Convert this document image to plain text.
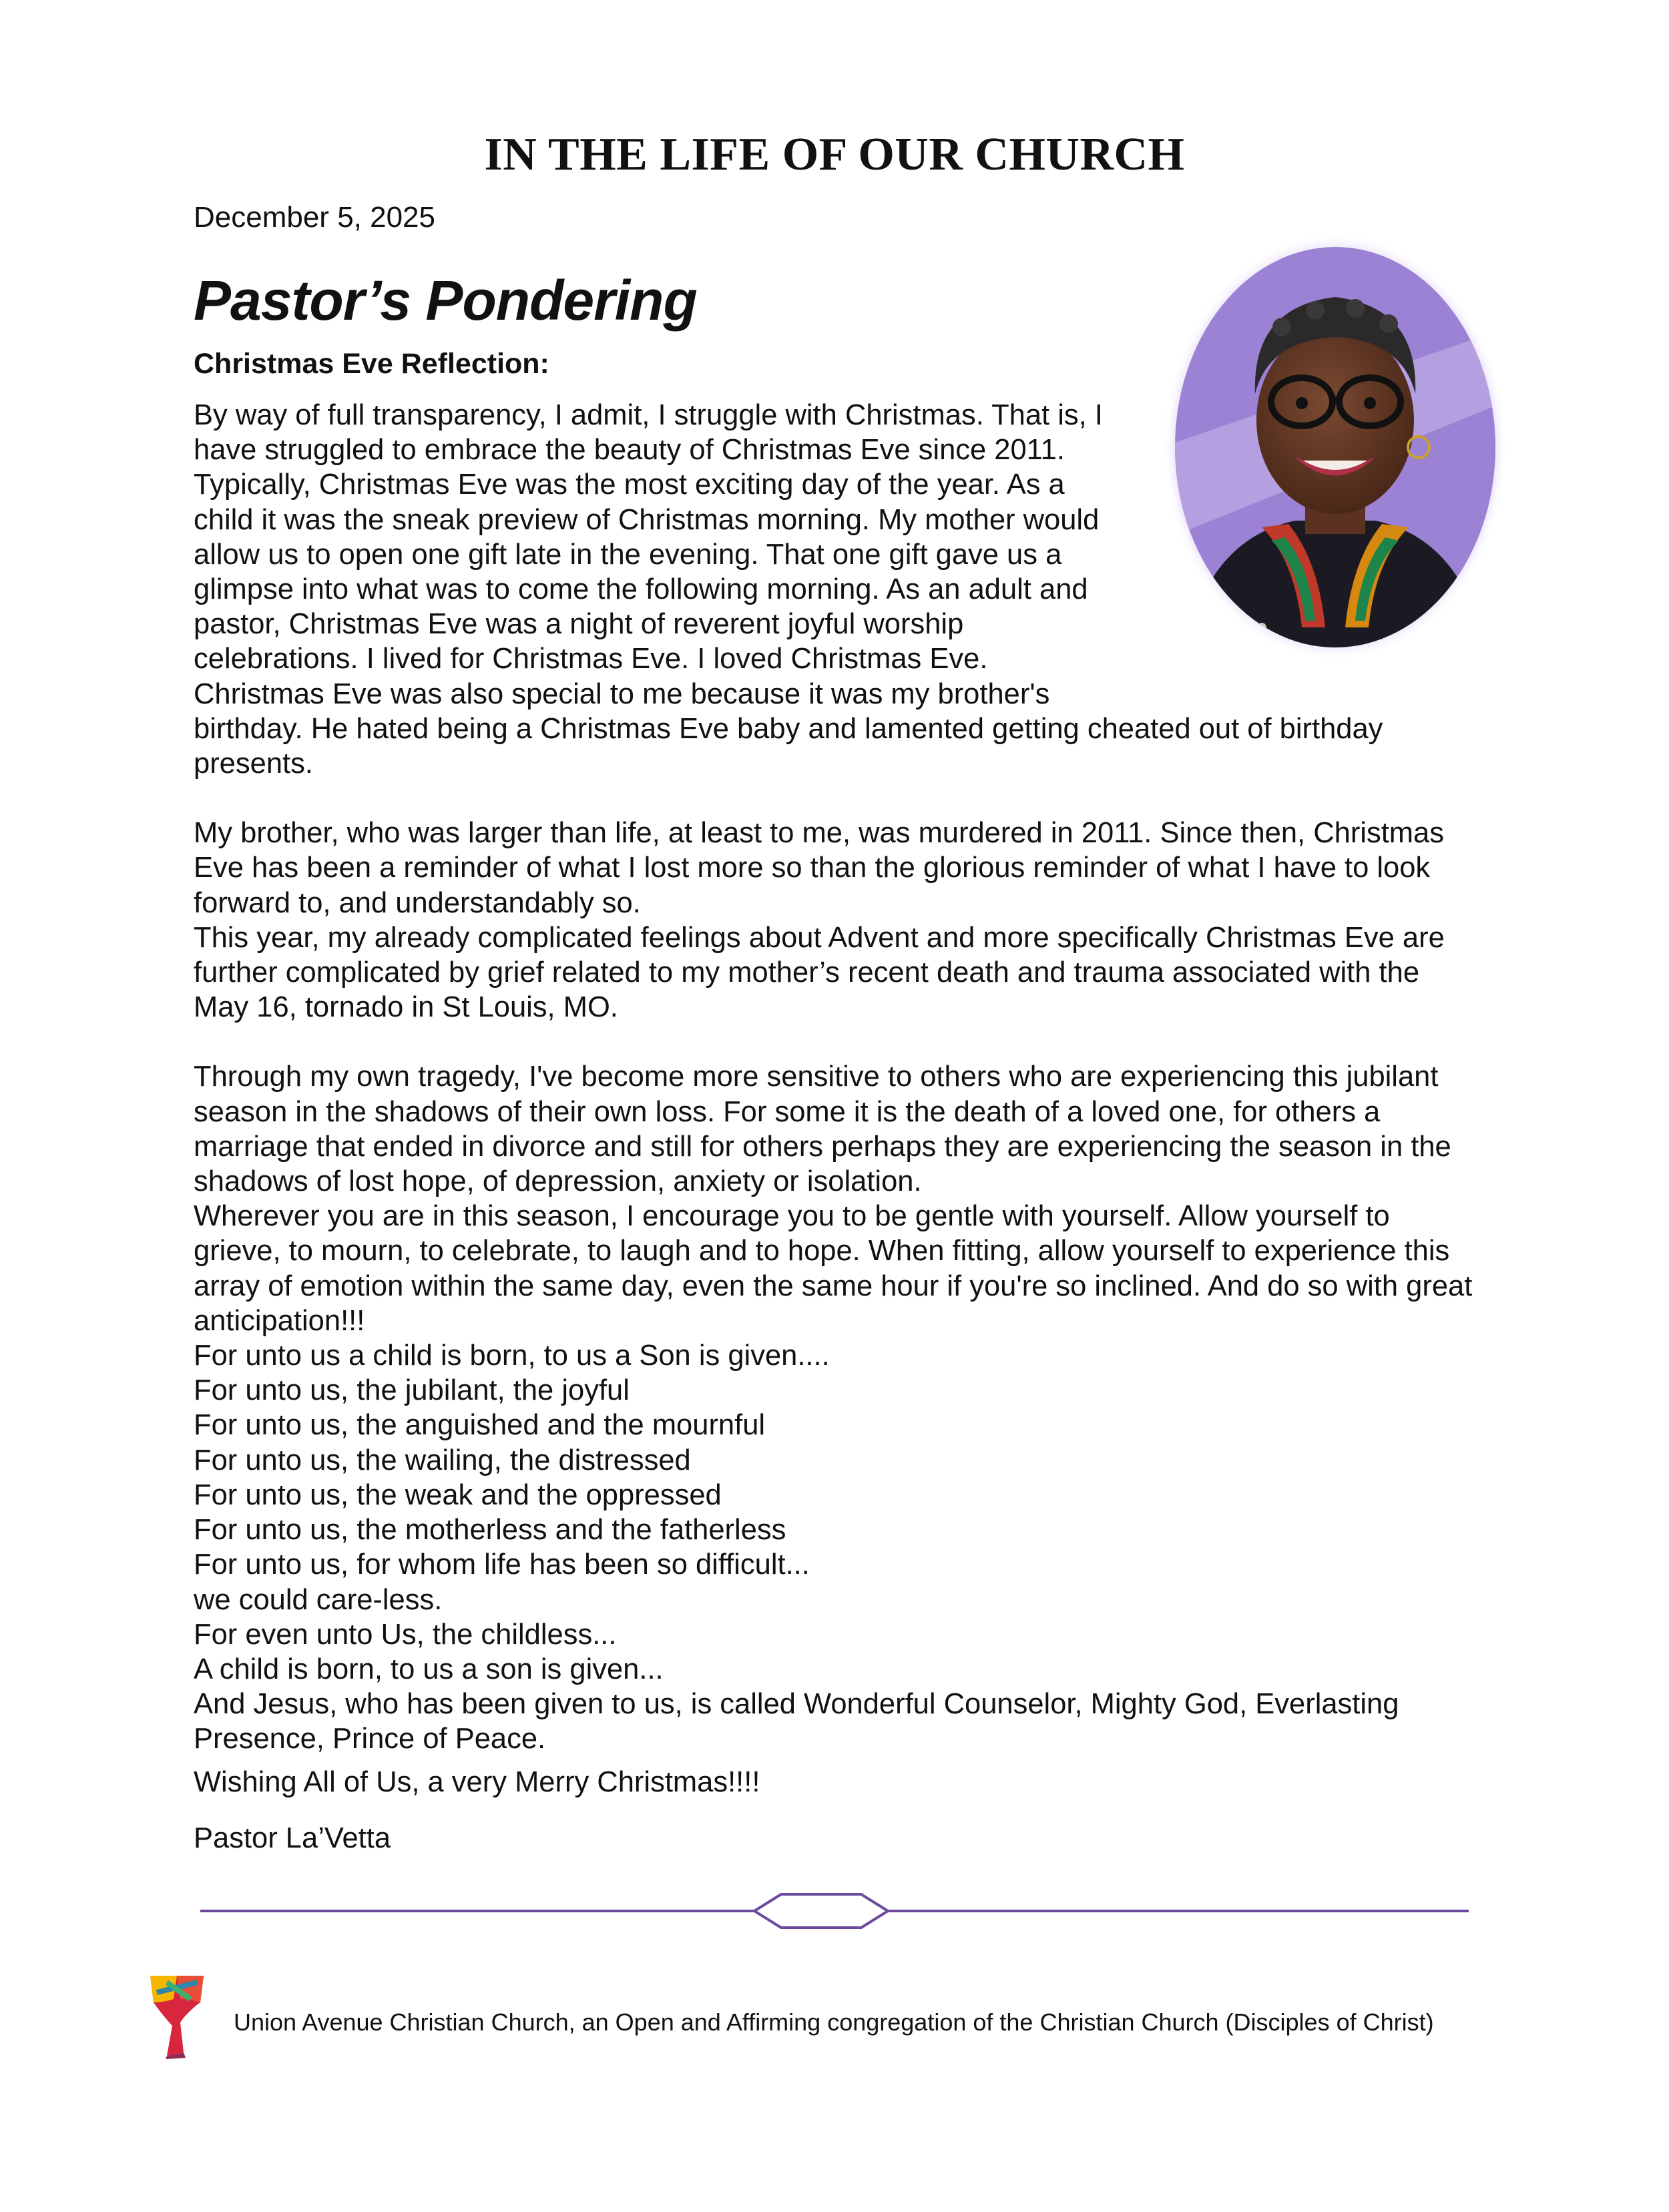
IN THE LIFE OF OUR CHURCH
December 5, 2025
Pastor’s Pondering
Christmas Eve Reflection:

By way of full transparency, I admit, I struggle with Christmas. That is, I
have struggled to embrace the beauty of Christmas Eve since 2011.
Typically, Christmas Eve was the most exciting day of the year. As a
child it was the sneak preview of Christmas morning. My mother would
allow us to open one gift late in the evening. That one gift gave us a
glimpse into what was to come the following morning. As an adult and
pastor, Christmas Eve was a night of reverent joyful worship
celebrations. I lived for Christmas Eve. I loved Christmas Eve.
Christmas Eve was also special to me because it was my brother's
birthday. He hated being a Christmas Eve baby and lamented getting cheated out of birthday
presents.

My brother, who was larger than life, at least to me, was murdered in 2011. Since then, Christmas
Eve has been a reminder of what I lost more so than the glorious reminder of what I have to look
forward to, and understandably so.
This year, my already complicated feelings about Advent and more specifically Christmas Eve are
further complicated by grief related to my mother’s recent death and trauma associated with the
May 16, tornado in St Louis, MO.

Through my own tragedy, I've become more sensitive to others who are experiencing this jubilant
season in the shadows of their own loss. For some it is the death of a loved one, for others a
marriage that ended in divorce and still for others perhaps they are experiencing the season in the
shadows of lost hope, of depression, anxiety or isolation.
Wherever you are in this season, I encourage you to be gentle with yourself. Allow yourself to
grieve, to mourn, to celebrate, to laugh and to hope. When fitting, allow yourself to experience this
array of emotion within the same day, even the same hour if you're so inclined. And do so with great
anticipation!!!
For unto us a child is born, to us a Son is given....
For unto us, the jubilant, the joyful
For unto us, the anguished and the mournful
For unto us, the wailing, the distressed
For unto us, the weak and the oppressed
For unto us, the motherless and the fatherless
For unto us, for whom life has been so difficult...
we could care-less.
For even unto Us, the childless...
A child is born, to us a son is given...
And Jesus, who has been given to us, is called Wonderful Counselor, Mighty God, Everlasting
Presence, Prince of Peace.

Wishing All of Us, a very Merry Christmas!!!!

Pastor La’Vetta

Union Avenue Christian Church, an Open and Affirming congregation of the Christian Church (Disciples of Christ)
